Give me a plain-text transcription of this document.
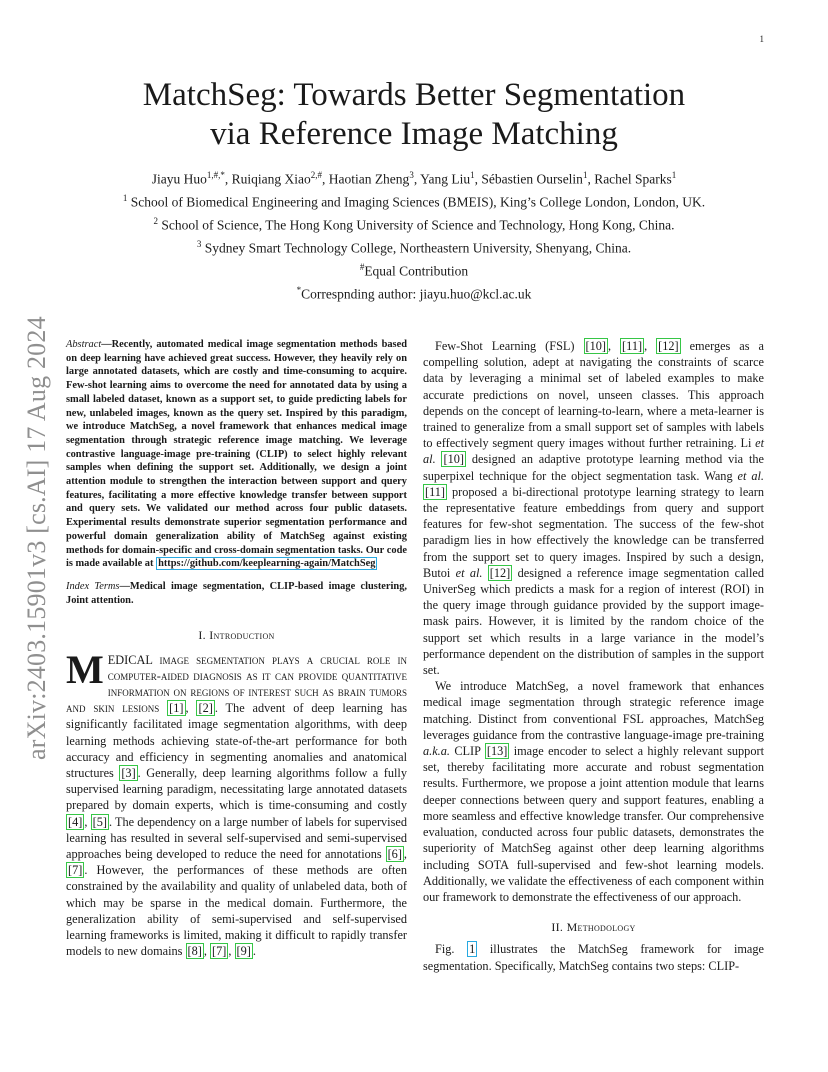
1
arXiv:2403.15901v3 [cs.AI] 17 Aug 2024
MatchSeg: Towards Better Segmentation
via Reference Image Matching
Jiayu Huo$^{1,\#,*}$, Ruiqiang Xiao$^{2,\#}$, Haotian Zheng$^3$, Yang Liu$^1$, Sébastien Ourselin$^1$, Rachel Sparks$^1$
$^1$ School of Biomedical Engineering and Imaging Sciences (BMEIS), King’s College London, London, UK.
$^2$ School of Science, The Hong Kong University of Science and Technology, Hong Kong, China.
$^3$ Sydney Smart Technology College, Northeastern University, Shenyang, China.
#Equal Contribution
*Correspnding author: jiayu.huo@kcl.ac.uk

Abstract—Recently, automated medical image segmentation methods based on deep learning have achieved great success. However, they heavily rely on large annotated datasets, which are costly and time-consuming to acquire. Few-shot learning aims to overcome the need for annotated data by using a small labeled dataset, known as a support set, to guide predicting labels for new, unlabeled images, known as the query set. Inspired by this paradigm, we introduce MatchSeg, a novel framework that enhances medical image segmentation through strategic reference image matching. We leverage contrastive language-image pre-training (CLIP) to select highly relevant samples when defining the support set. Additionally, we design a joint attention module to strengthen the interaction between support and query features, facilitating a more effective knowledge transfer between support and query sets. We validated our method across four public datasets. Experimental results demonstrate superior segmentation performance and powerful domain generalization ability of MatchSeg against existing methods for domain-specific and cross-domain segmentation tasks. Our code is made available at https://github.com/keeplearning-again/MatchSeg

Index Terms—Medical image segmentation, CLIP-based image clustering, Joint attention.

I. Introduction

MEDICAL image segmentation plays a crucial role in computer-aided diagnosis as it can provide quantitative information on regions of interest such as brain tumors and skin lesions [1] , [2] . The advent of deep learning has significantly facilitated image segmentation algorithms, with deep learning methods achieving state-of-the-art performance for both accuracy and efficiency in segmenting anomalies and anatomical structures [3] . Generally, deep learning algorithms follow a fully supervised learning paradigm, necessitating large annotated datasets prepared by domain experts, which is time-consuming and costly [4] , [5] . The dependency on a large number of labels for supervised learning has resulted in several self-supervised and semi-supervised approaches being developed to reduce the need for annotations [6] , [7] . However, the performances of these methods are often constrained by the availability and quality of unlabeled data, both of which may be sparse in the medical domain. Furthermore, the generalization ability of semi-supervised and self-supervised learning frameworks is limited, making it difficult to rapidly transfer models to new domains [8] , [7] , [9] .

Few-Shot Learning (FSL) [10] , [11] , [12] emerges as a compelling solution, adept at navigating the constraints of scarce data by leveraging a minimal set of labeled examples to make accurate predictions on novel, unseen classes. This approach depends on the concept of learning-to-learn, where a meta-learner is trained to generalize from a small support set of samples with labels to effectively segment query images without further retraining. Li et al. [10] designed an adaptive prototype learning method via the superpixel technique for the object segmentation task. Wang et al. [11] proposed a bi-directional prototype learning strategy to learn the representative feature embeddings from query and support features for few-shot segmentation. The success of the few-shot paradigm lies in how effectively the knowledge can be transferred from the support set to query images. Inspired by such a design, Butoi et al. [12] designed a reference image segmentation called UniverSeg which predicts a mask for a region of interest (ROI) in the query image through guidance provided by the support image-mask pairs. However, it is limited by the random choice of the support set which results in a large variance in the model’s performance dependent on the distribution of samples in the support set.

We introduce MatchSeg, a novel framework that enhances medical image segmentation through strategic reference image matching. Distinct from conventional FSL approaches, MatchSeg leverages guidance from the contrastive language-image pre-training a.k.a. CLIP [13] image encoder to select a highly relevant support set, thereby facilitating more accurate and robust segmentation results. Furthermore, we propose a joint attention module that learns deeper connections between query and support features, enabling a more seamless and effective knowledge transfer. Our comprehensive evaluation, conducted across four public datasets, demonstrates the superiority of MatchSeg against other deep learning algorithms including SOTA full-supervised and few-shot learning models. Additionally, we validate the effectiveness of each component within our framework to demonstrate the effectiveness of our approach.

II. Methodology

Fig. 1 illustrates the MatchSeg framework for image segmentation. Specifically, MatchSeg contains two steps: CLIP-
